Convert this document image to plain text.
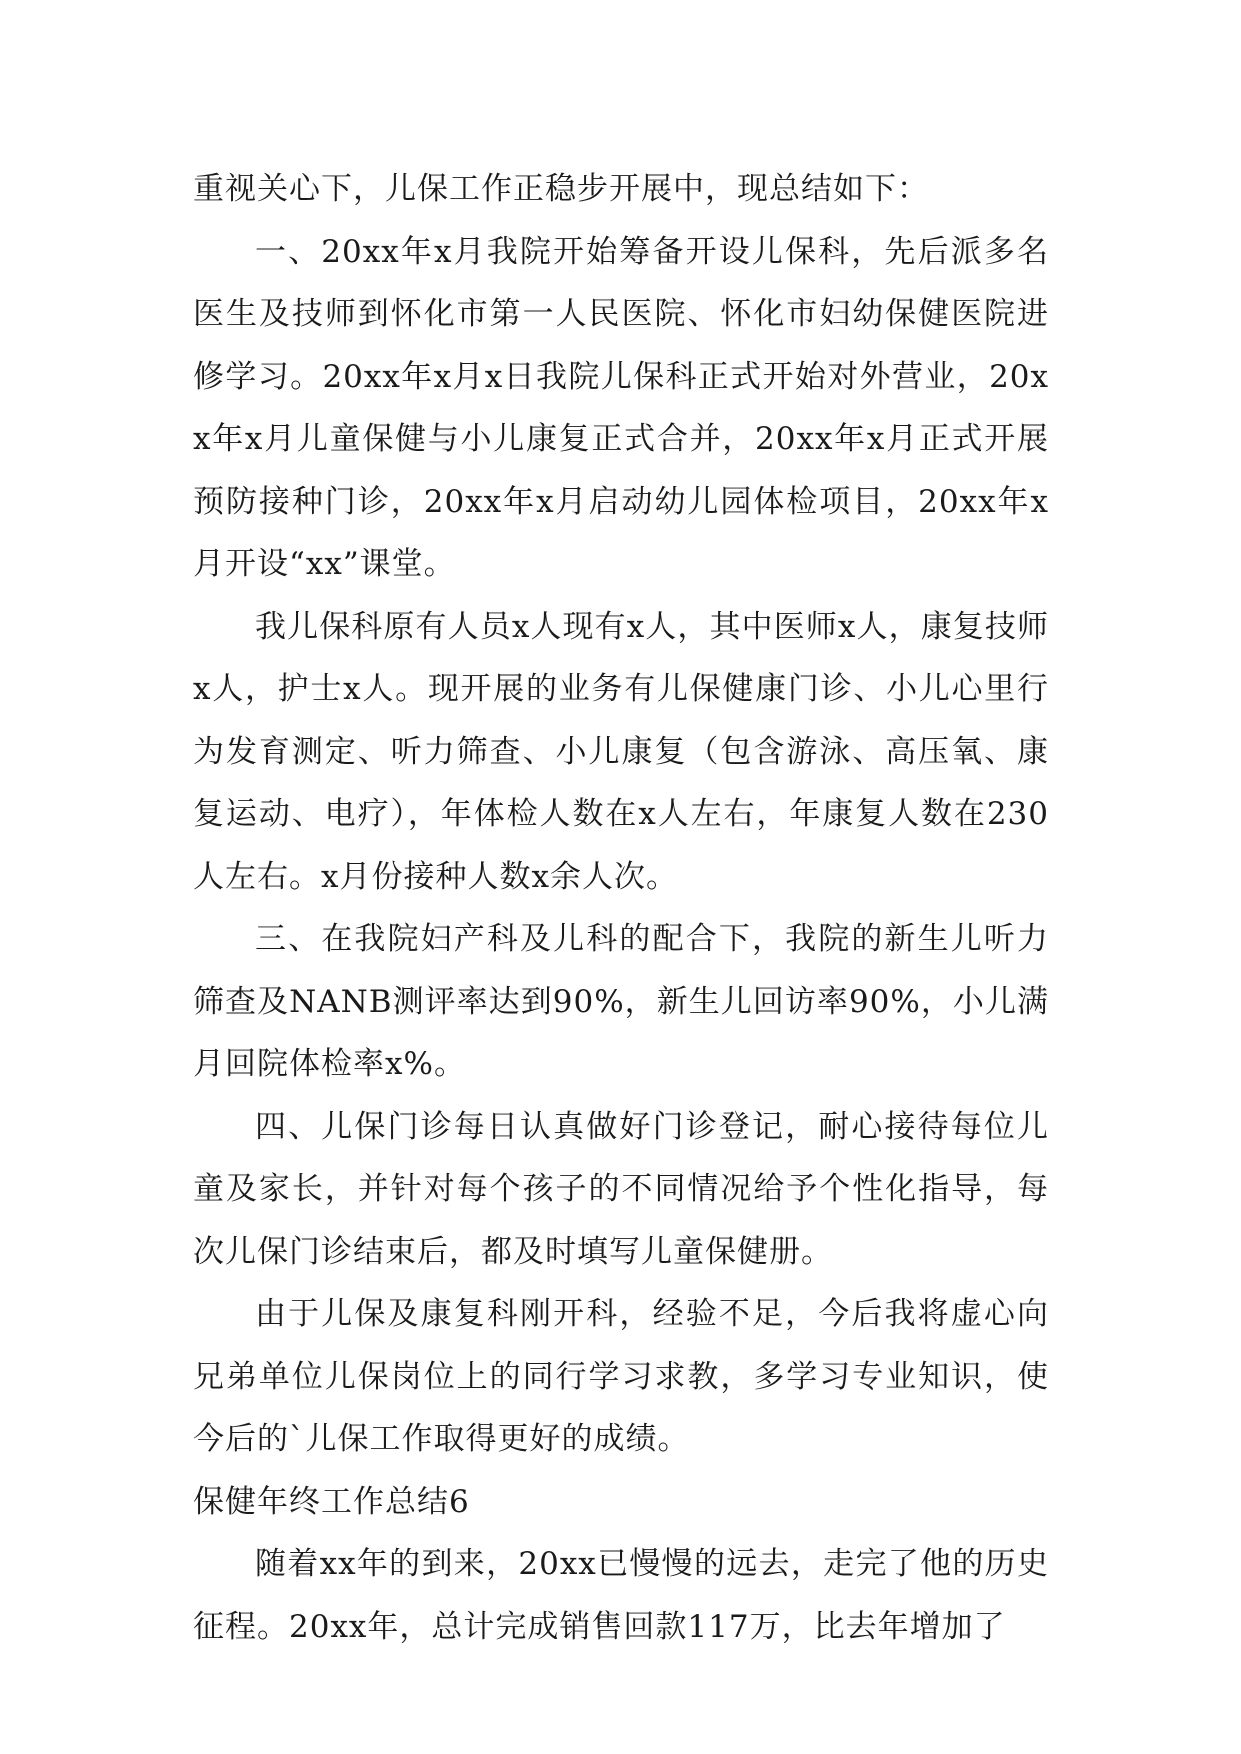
重视关心下，儿保工作正稳步开展中，现总结如下：

一、20xx年x月我院开始筹备开设儿保科，先后派多名医生及技师到怀化市第一人民医院、怀化市妇幼保健医院进修学习。20xx年x月x日我院儿保科正式开始对外营业，20xx年x月儿童保健与小儿康复正式合并，20xx年x月正式开展预防接种门诊，20xx年x月启动幼儿园体检项目，20xx年x月开设“xx”课堂。

我儿保科原有人员x人现有x人，其中医师x人，康复技师x人，护士x人。现开展的业务有儿保健康门诊、小儿心里行为发育测定、听力筛查、小儿康复（包含游泳、高压氧、康复运动、电疗），年体检人数在x人左右，年康复人数在230人左右。x月份接种人数x余人次。

三、在我院妇产科及儿科的配合下，我院的新生儿听力筛查及NANB测评率达到90%，新生儿回访率90%，小儿满月回院体检率x%。

四、儿保门诊每日认真做好门诊登记，耐心接待每位儿童及家长，并针对每个孩子的不同情况给予个性化指导，每次儿保门诊结束后，都及时填写儿童保健册。

由于儿保及康复科刚开科，经验不足，今后我将虚心向兄弟单位儿保岗位上的同行学习求教，多学习专业知识，使今后的`儿保工作取得更好的成绩。

保健年终工作总结6

随着xx年的到来，20xx已慢慢的远去，走完了他的历史征程。20xx年，总计完成销售回款117万，比去年增加了
